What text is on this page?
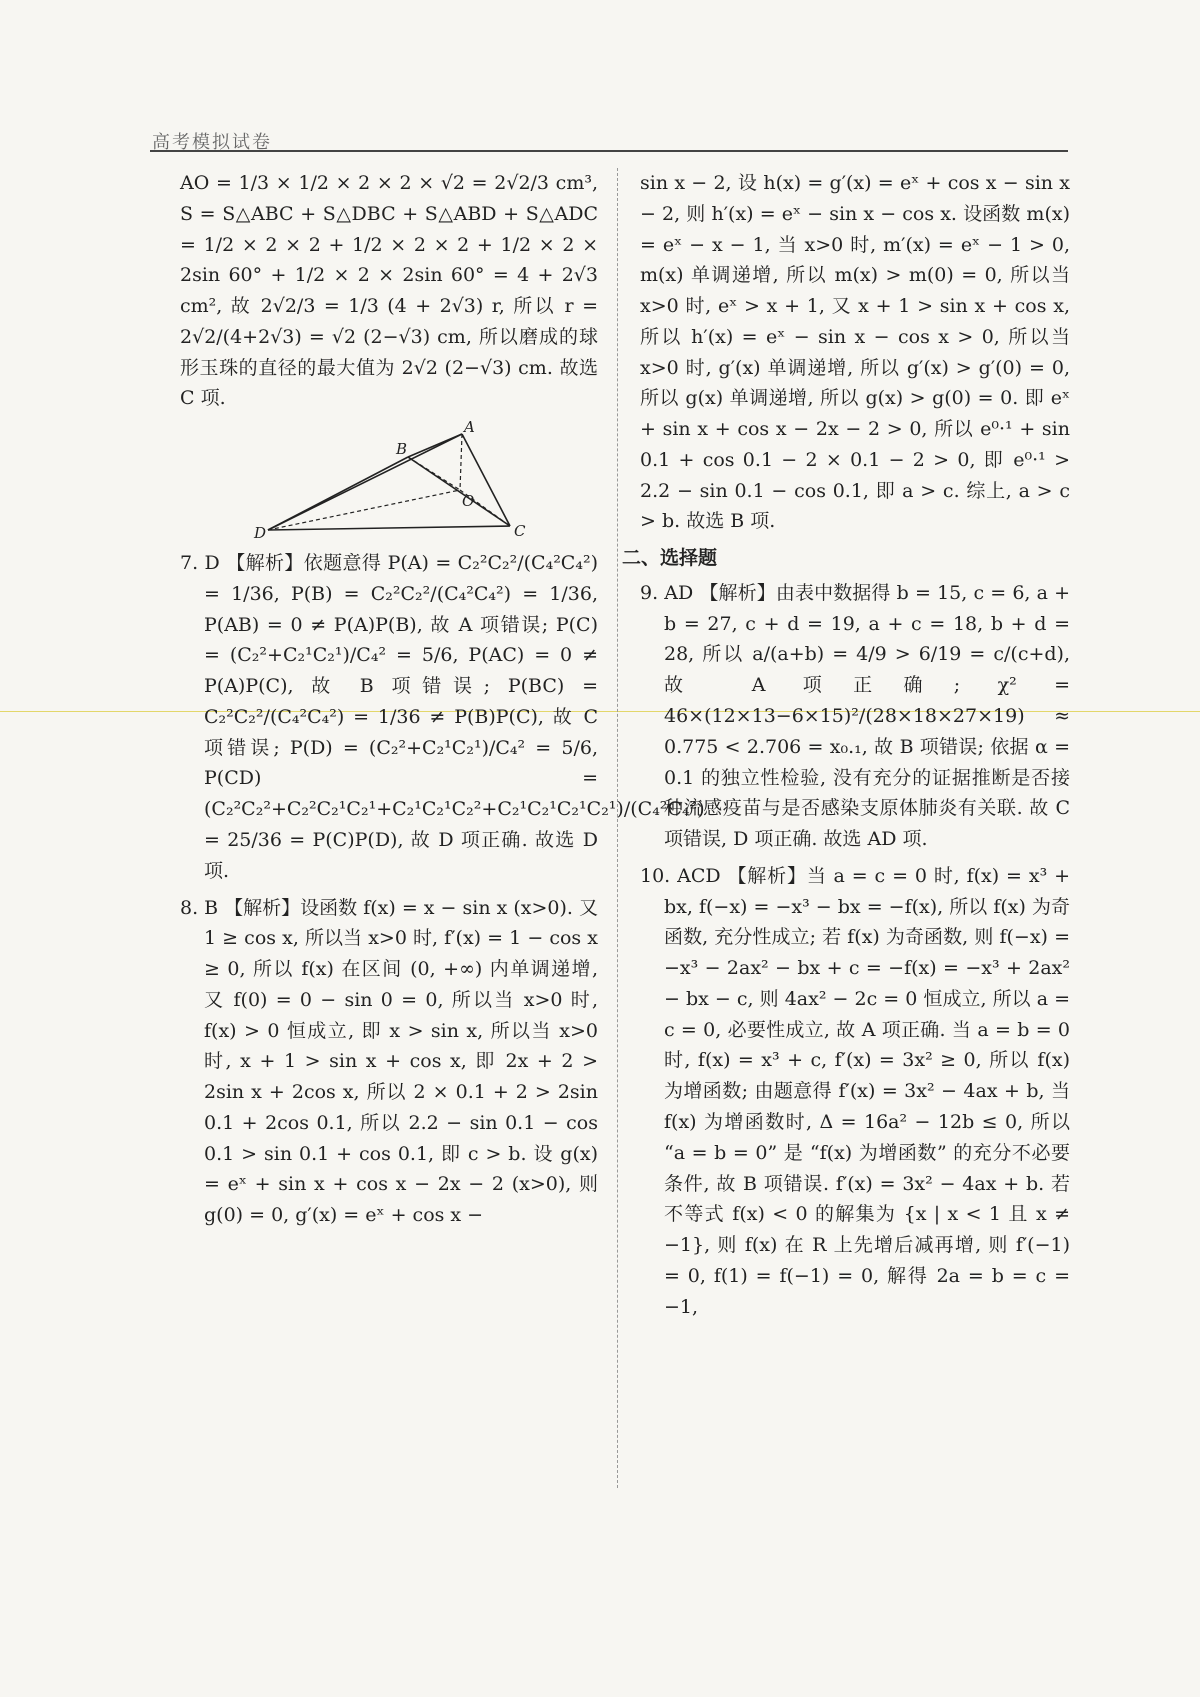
高考模拟试卷

AO = 1/3 × 1/2 × 2 × 2 × √2 = 2√2/3 cm³, S = S△ABC + S△DBC + S△ABD + S△ADC = 1/2 × 2 × 2 + 1/2 × 2 × 2 + 1/2 × 2 × 2sin 60° + 1/2 × 2 × 2sin 60° = 4 + 2√3 cm², 故 2√2/3 = 1/3 (4 + 2√3) r, 所以 r = 2√2/(4+2√3) = √2 (2−√3) cm, 所以磨成的球形玉珠的直径的最大值为 2√2 (2−√3) cm. 故选 C 项.

A
B
O
D	C

7. D 【解析】依题意得 P(A) = C₂²C₂²/(C₄²C₄²) = 1/36, P(B) = C₂²C₂²/(C₄²C₄²) = 1/36, P(AB) = 0 ≠ P(A)P(B), 故 A 项错误; P(C) = (C₂²+C₂¹C₂¹)/C₄² = 5/6, P(AC) = 0 ≠ P(A)P(C), 故 B 项错误; P(BC) = C₂²C₂²/(C₄²C₄²) = 1/36 ≠ P(B)P(C), 故 C 项错误; P(D) = (C₂²+C₂¹C₂¹)/C₄² = 5/6, P(CD) = (C₂²C₂²+C₂²C₂¹C₂¹+C₂¹C₂¹C₂²+C₂¹C₂¹C₂¹C₂¹)/(C₄²C₄²) = 25/36 = P(C)P(D), 故 D 项正确. 故选 D 项.

8. B 【解析】设函数 f(x) = x − sin x (x>0). 又 1 ≥ cos x, 所以当 x>0 时, f′(x) = 1 − cos x ≥ 0, 所以 f(x) 在区间 (0, +∞) 内单调递增, 又 f(0) = 0 − sin 0 = 0, 所以当 x>0 时, f(x) > 0 恒成立, 即 x > sin x, 所以当 x>0 时, x + 1 > sin x + cos x, 即 2x + 2 > 2sin x + 2cos x, 所以 2 × 0.1 + 2 > 2sin 0.1 + 2cos 0.1, 所以 2.2 − sin 0.1 − cos 0.1 > sin 0.1 + cos 0.1, 即 c > b. 设 g(x) = eˣ + sin x + cos x − 2x − 2 (x>0), 则 g(0) = 0, g′(x) = eˣ + cos x −

sin x − 2, 设 h(x) = g′(x) = eˣ + cos x − sin x − 2, 则 h′(x) = eˣ − sin x − cos x. 设函数 m(x) = eˣ − x − 1, 当 x>0 时, m′(x) = eˣ − 1 > 0, m(x) 单调递增, 所以 m(x) > m(0) = 0, 所以当 x>0 时, eˣ > x + 1, 又 x + 1 > sin x + cos x, 所以 h′(x) = eˣ − sin x − cos x > 0, 所以当 x>0 时, g′(x) 单调递增, 所以 g′(x) > g′(0) = 0, 所以 g(x) 单调递增, 所以 g(x) > g(0) = 0. 即 eˣ + sin x + cos x − 2x − 2 > 0, 所以 e⁰·¹ + sin 0.1 + cos 0.1 − 2 × 0.1 − 2 > 0, 即 e⁰·¹ > 2.2 − sin 0.1 − cos 0.1, 即 a > c. 综上, a > c > b. 故选 B 项.

二、选择题

9. AD 【解析】由表中数据得 b = 15, c = 6, a + b = 27, c + d = 19, a + c = 18, b + d = 28, 所以 a/(a+b) = 4/9 > 6/19 = c/(c+d), 故 A 项正确; χ² = 46×(12×13−6×15)²/(28×18×27×19) ≈ 0.775 < 2.706 = x₀.₁, 故 B 项错误; 依据 α = 0.1 的独立性检验, 没有充分的证据推断是否接种流感疫苗与是否感染支原体肺炎有关联. 故 C 项错误, D 项正确. 故选 AD 项.

10. ACD 【解析】当 a = c = 0 时, f(x) = x³ + bx, f(−x) = −x³ − bx = −f(x), 所以 f(x) 为奇函数, 充分性成立; 若 f(x) 为奇函数, 则 f(−x) = −x³ − 2ax² − bx + c = −f(x) = −x³ + 2ax² − bx − c, 则 4ax² − 2c = 0 恒成立, 所以 a = c = 0, 必要性成立, 故 A 项正确. 当 a = b = 0 时, f(x) = x³ + c, f′(x) = 3x² ≥ 0, 所以 f(x) 为增函数; 由题意得 f′(x) = 3x² − 4ax + b, 当 f(x) 为增函数时, Δ = 16a² − 12b ≤ 0, 所以 “a = b = 0” 是 “f(x) 为增函数” 的充分不必要条件, 故 B 项错误. f′(x) = 3x² − 4ax + b. 若不等式 f(x) < 0 的解集为 {x | x < 1 且 x ≠ −1}, 则 f(x) 在 R 上先增后减再增, 则 f′(−1) = 0, f(1) = f(−1) = 0, 解得 2a = b = c = −1,
